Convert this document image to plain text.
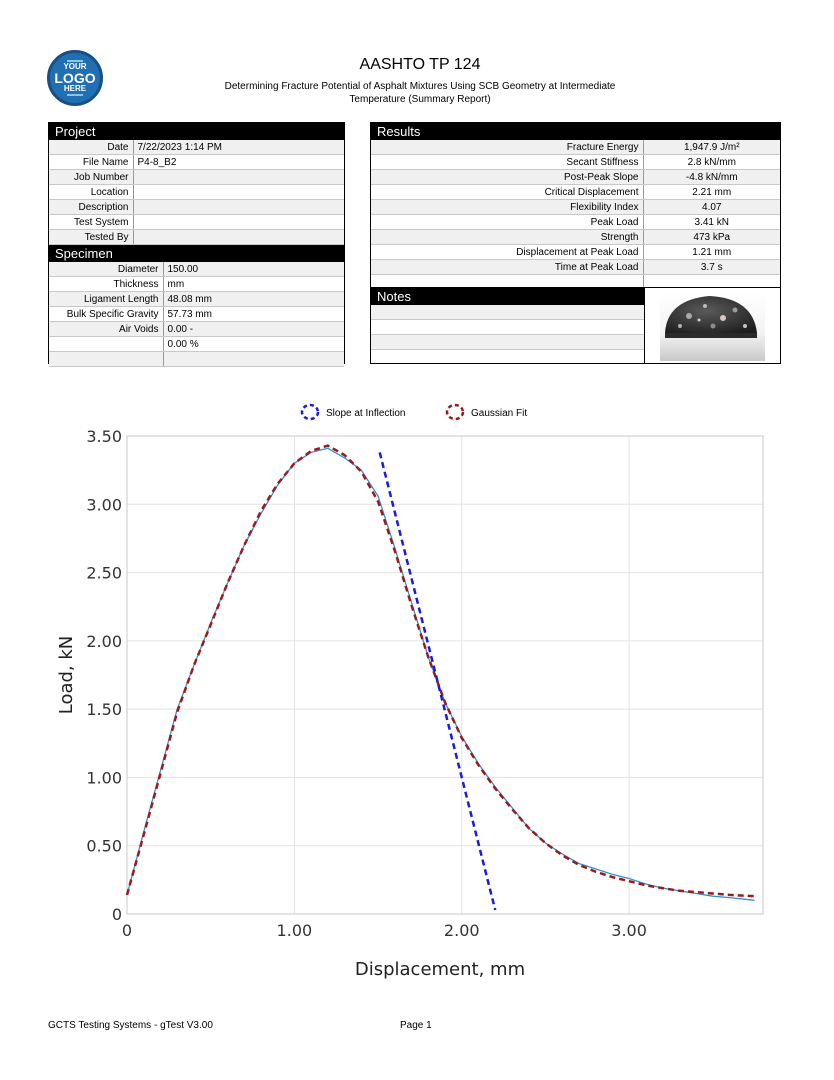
YOUR
LOGO
HERE
AASHTO TP 124
Determining Fracture Potential of Asphalt Mixtures Using SCB Geometry at Intermediate
Temperature (Summary Report)
Project
Date	7/22/2023 1:14 PM
File Name	P4-8_B2
Job Number	
Location	
Description	
Test System	
Tested By	
Specimen
Diameter	150.00
Thickness	mm
Ligament Length	48.08 mm
Bulk Specific Gravity	57.73 mm
Air Voids	0.00 -
	0.00 %

Results
Fracture Energy	1,947.9 J/m²
Secant Stiffness	2.8 kN/mm
Post-Peak Slope	-4.8 kN/mm
Critical Displacement	2.21 mm
Flexibility Index	4.07
Peak Load	3.41 kN
Strength	473 kPa
Displacement at Peak Load	1.21 mm
Time at Peak Load	3.7 s

Notes
0
0.50
1.00
1.50
2.00
2.50
3.00
3.50
0	1.00	2.00	3.00
Slope at Inflection	Gaussian Fit
Displacement, mm
Load, kN
GCTS Testing Systems - gTest V3.00	Page 1
